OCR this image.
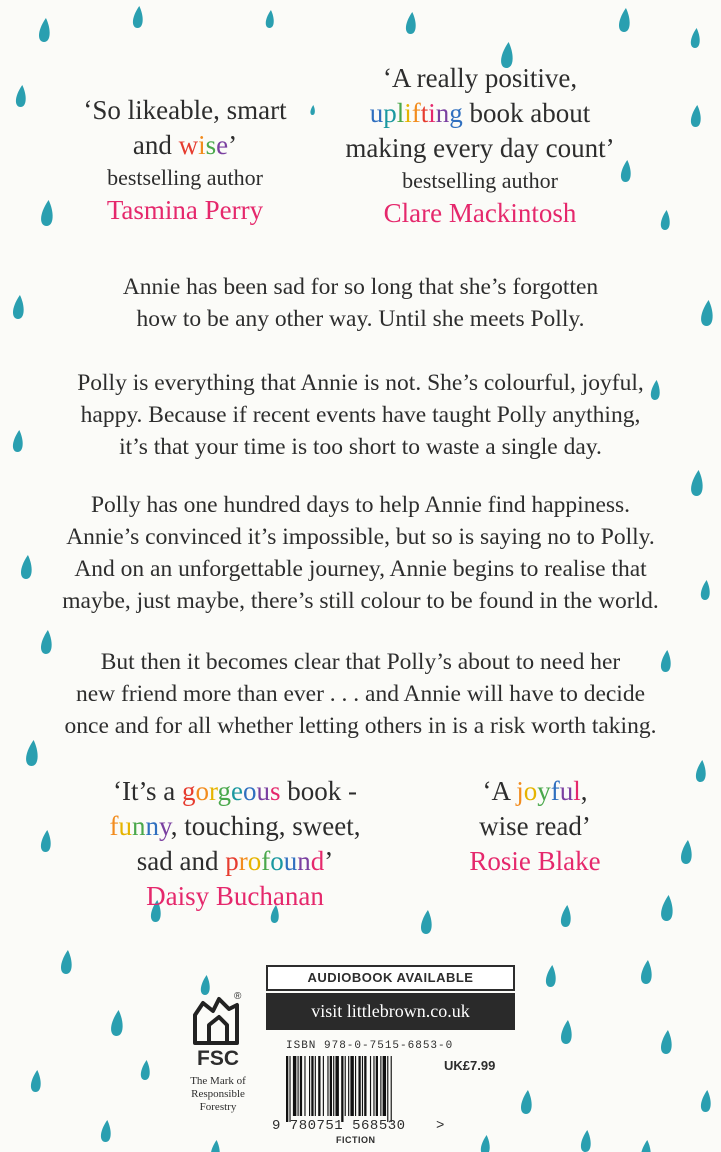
‘So likeable, smart
and wise’
bestselling author
Tasmina Perry
‘A really positive,
uplifting book about
making every day count’
bestselling author
Clare Mackintosh
Annie has been sad for so long that she’s forgotten
how to be any other way. Until she meets Polly.
Polly is everything that Annie is not. She’s colourful, joyful,
happy. Because if recent events have taught Polly anything,
it’s that your time is too short to waste a single day.
Polly has one hundred days to help Annie find happiness.
Annie’s convinced it’s impossible, but so is saying no to Polly.
And on an unforgettable journey, Annie begins to realise that
maybe, just maybe, there’s still colour to be found in the world.
But then it becomes clear that Polly’s about to need her
new friend more than ever . . . and Annie will have to decide
once and for all whether letting others in is a risk worth taking.
‘It’s a gorgeous book -
funny, touching, sweet,
sad and profound’
Daisy Buchanan
‘A joyful,
wise read’
Rosie Blake
AUDIOBOOK AVAILABLE
visit littlebrown.co.uk
®
FSC
The Mark of
Responsible
Forestry
ISBN 978-0-7515-6853-0
UK£7.99
9 780751 568530 >
FICTION
